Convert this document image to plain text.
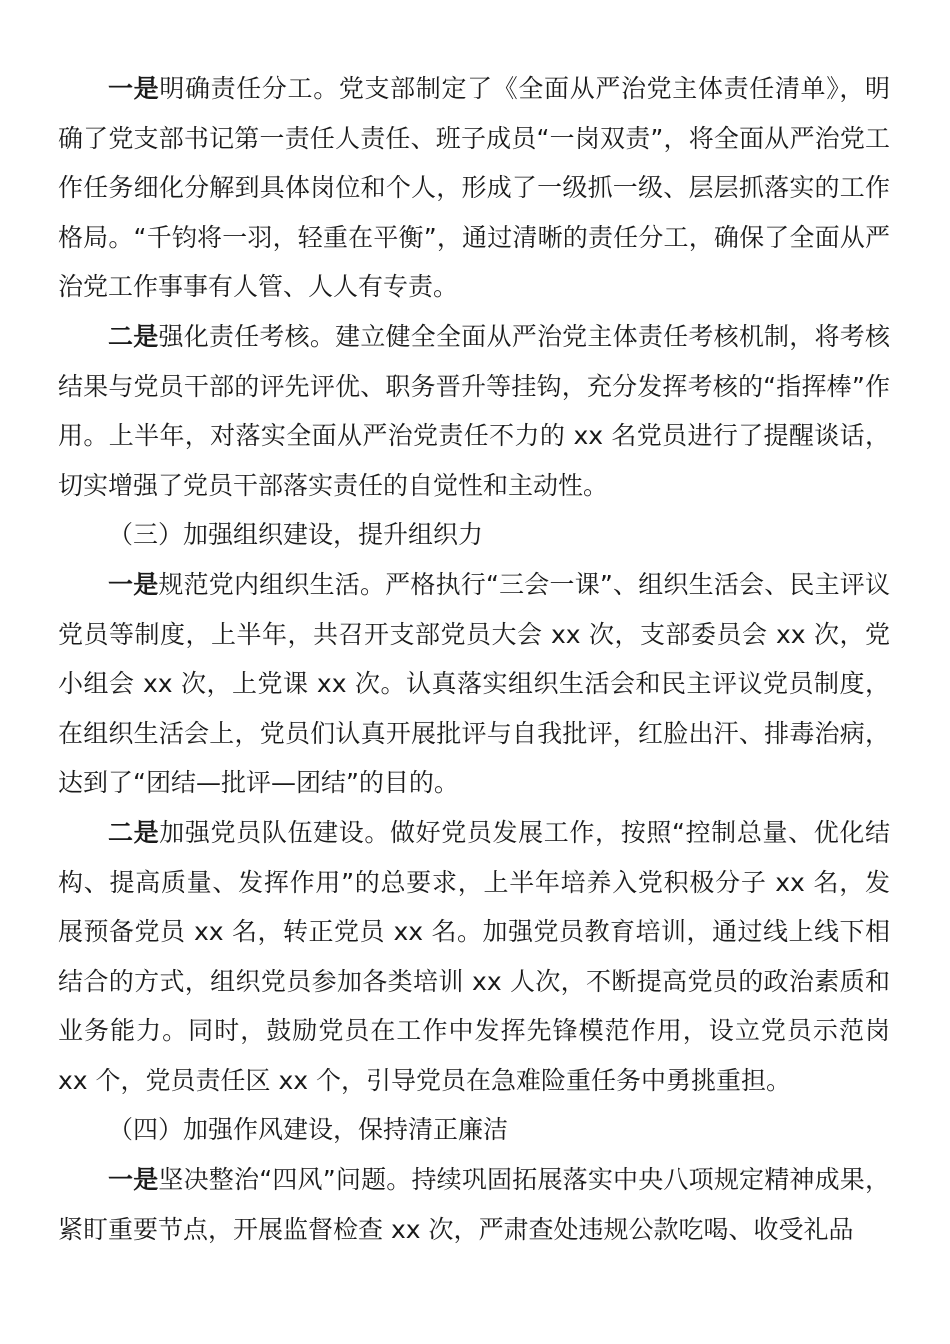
一是明确责任分工。党支部制定了《全面从严治党主体责任清单》，明确了党支部书记第一责任人责任、班子成员“一岗双责”，将全面从严治党工作任务细化分解到具体岗位和个人，形成了一级抓一级、层层抓落实的工作格局。“千钧将一羽，轻重在平衡”，通过清晰的责任分工，确保了全面从严治党工作事事有人管、人人有专责。

二是强化责任考核。建立健全全面从严治党主体责任考核机制，将考核结果与党员干部的评先评优、职务晋升等挂钩，充分发挥考核的“指挥棒”作用。上半年，对落实全面从严治党责任不力的 xx 名党员进行了提醒谈话，切实增强了党员干部落实责任的自觉性和主动性。

（三）加强组织建设，提升组织力

一是规范党内组织生活。严格执行“三会一课”、组织生活会、民主评议党员等制度，上半年，共召开支部党员大会 xx 次，支部委员会 xx 次，党小组会 xx 次，上党课 xx 次。认真落实组织生活会和民主评议党员制度，在组织生活会上，党员们认真开展批评与自我批评，红脸出汗、排毒治病，达到了“团结—批评—团结”的目的。

二是加强党员队伍建设。做好党员发展工作，按照“控制总量、优化结构、提高质量、发挥作用”的总要求，上半年培养入党积极分子 xx 名，发展预备党员 xx 名，转正党员 xx 名。加强党员教育培训，通过线上线下相结合的方式，组织党员参加各类培训 xx 人次，不断提高党员的政治素质和业务能力。同时，鼓励党员在工作中发挥先锋模范作用，设立党员示范岗 xx 个，党员责任区 xx 个，引导党员在急难险重任务中勇挑重担。

（四）加强作风建设，保持清正廉洁

一是坚决整治“四风”问题。持续巩固拓展落实中央八项规定精神成果，紧盯重要节点，开展监督检查 xx 次，严肃查处违规公款吃喝、收受礼品
